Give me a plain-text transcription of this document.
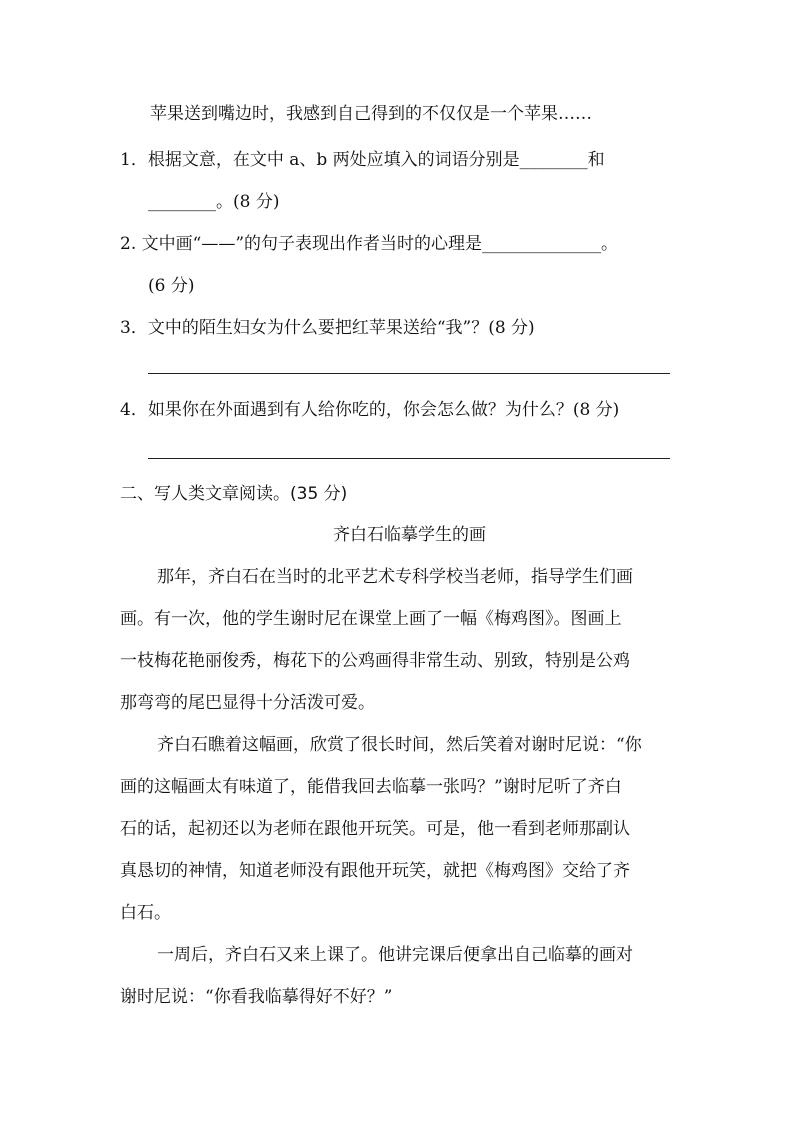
苹果送到嘴边时，我感到自己得到的不仅仅是一个苹果……

1．根据文意，在文中 a、b 两处应填入的词语分别是________和

________。(8 分)

2. 文中画“——”的句子表现出作者当时的心理是______________。

(6 分)

3．文中的陌生妇女为什么要把红苹果送给“我”？(8 分)

4．如果你在外面遇到有人给你吃的，你会怎么做？为什么？(8 分)

二、写人类文章阅读。(35 分)

齐白石临摹学生的画

那年，齐白石在当时的北平艺术专科学校当老师，指导学生们画

画。有一次，他的学生谢时尼在课堂上画了一幅《梅鸡图》。图画上

一枝梅花艳丽俊秀，梅花下的公鸡画得非常生动、别致，特别是公鸡

那弯弯的尾巴显得十分活泼可爱。

齐白石瞧着这幅画，欣赏了很长时间，然后笑着对谢时尼说：“你

画的这幅画太有味道了，能借我回去临摹一张吗？”谢时尼听了齐白

石的话，起初还以为老师在跟他开玩笑。可是，他一看到老师那副认

真恳切的神情，知道老师没有跟他开玩笑，就把《梅鸡图》交给了齐

白石。

一周后，齐白石又来上课了。他讲完课后便拿出自己临摹的画对

谢时尼说：“你看我临摹得好不好？”
